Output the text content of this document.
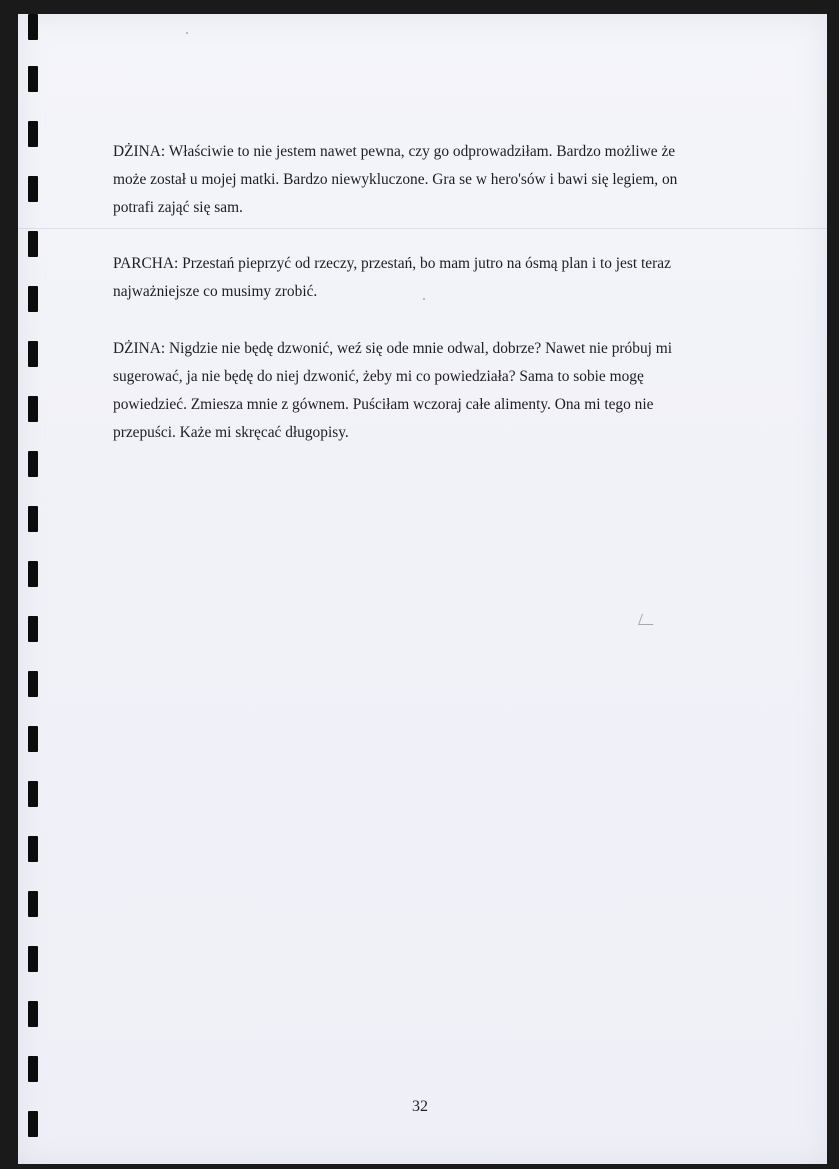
DŻINA: Właściwie to nie jestem nawet pewna, czy go odprowadziłam. Bardzo możliwe że
może został u mojej matki. Bardzo niewykluczone. Gra se w hero'sów i bawi się legiem, on
potrafi zająć się sam.

PARCHA: Przestań pieprzyć od rzeczy, przestań, bo mam jutro na ósmą plan i to jest teraz
najważniejsze co musimy zrobić.

DŻINA: Nigdzie nie będę dzwonić, weź się ode mnie odwal, dobrze? Nawet nie próbuj mi
sugerować, ja nie będę do niej dzwonić, żeby mi co powiedziała? Sama to sobie mogę
powiedzieć. Zmiesza mnie z gównem. Puściłam wczoraj całe alimenty. Ona mi tego nie
przepuści. Każe mi skręcać długopisy.

32
